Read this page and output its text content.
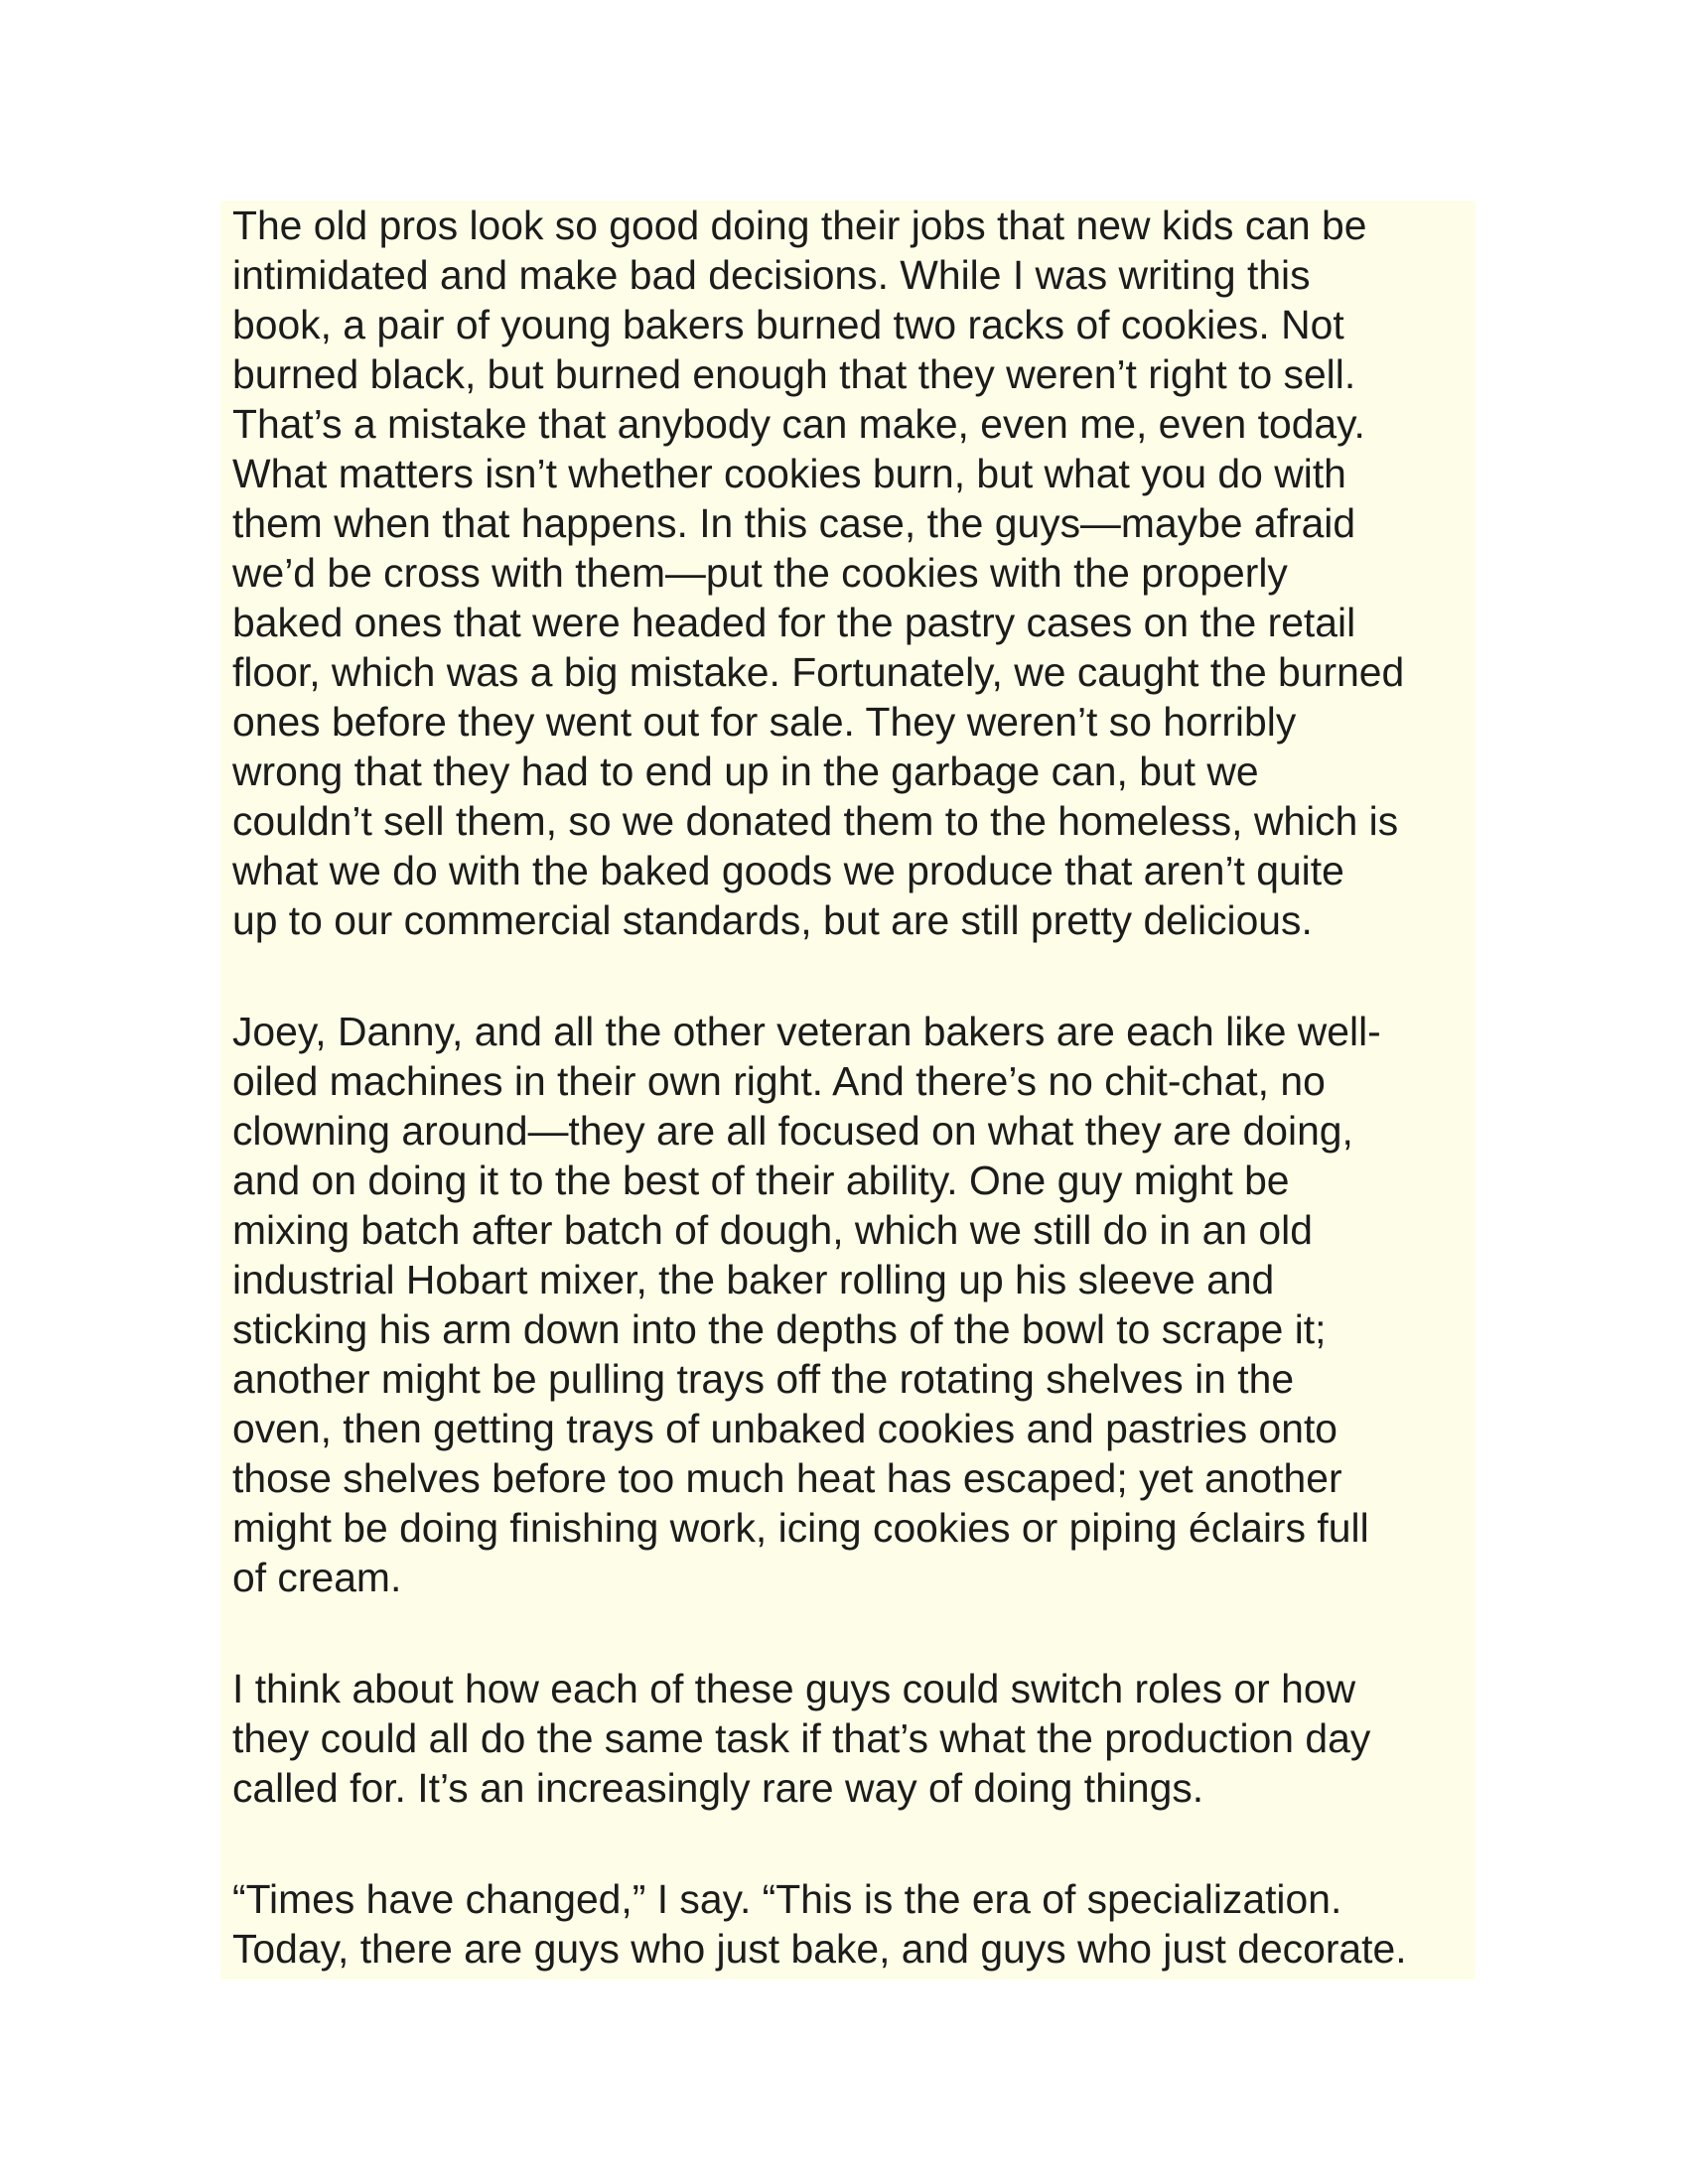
The old pros look so good doing their jobs that new kids can be
intimidated and make bad decisions. While I was writing this
book, a pair of young bakers burned two racks of cookies. Not
burned black, but burned enough that they weren’t right to sell.
That’s a mistake that anybody can make, even me, even today.
What matters isn’t whether cookies burn, but what you do with
them when that happens. In this case, the guys—maybe afraid
we’d be cross with them—put the cookies with the properly
baked ones that were headed for the pastry cases on the retail
floor, which was a big mistake. Fortunately, we caught the burned
ones before they went out for sale. They weren’t so horribly
wrong that they had to end up in the garbage can, but we
couldn’t sell them, so we donated them to the homeless, which is
what we do with the baked goods we produce that aren’t quite
up to our commercial standards, but are still pretty delicious.
Joey, Danny, and all the other veteran bakers are each like well-
oiled machines in their own right. And there’s no chit-chat, no
clowning around—they are all focused on what they are doing,
and on doing it to the best of their ability. One guy might be
mixing batch after batch of dough, which we still do in an old
industrial Hobart mixer, the baker rolling up his sleeve and
sticking his arm down into the depths of the bowl to scrape it;
another might be pulling trays off the rotating shelves in the
oven, then getting trays of unbaked cookies and pastries onto
those shelves before too much heat has escaped; yet another
might be doing finishing work, icing cookies or piping éclairs full
of cream.
I think about how each of these guys could switch roles or how
they could all do the same task if that’s what the production day
called for. It’s an increasingly rare way of doing things.
“Times have changed,” I say. “This is the era of specialization.
Today, there are guys who just bake, and guys who just decorate.
